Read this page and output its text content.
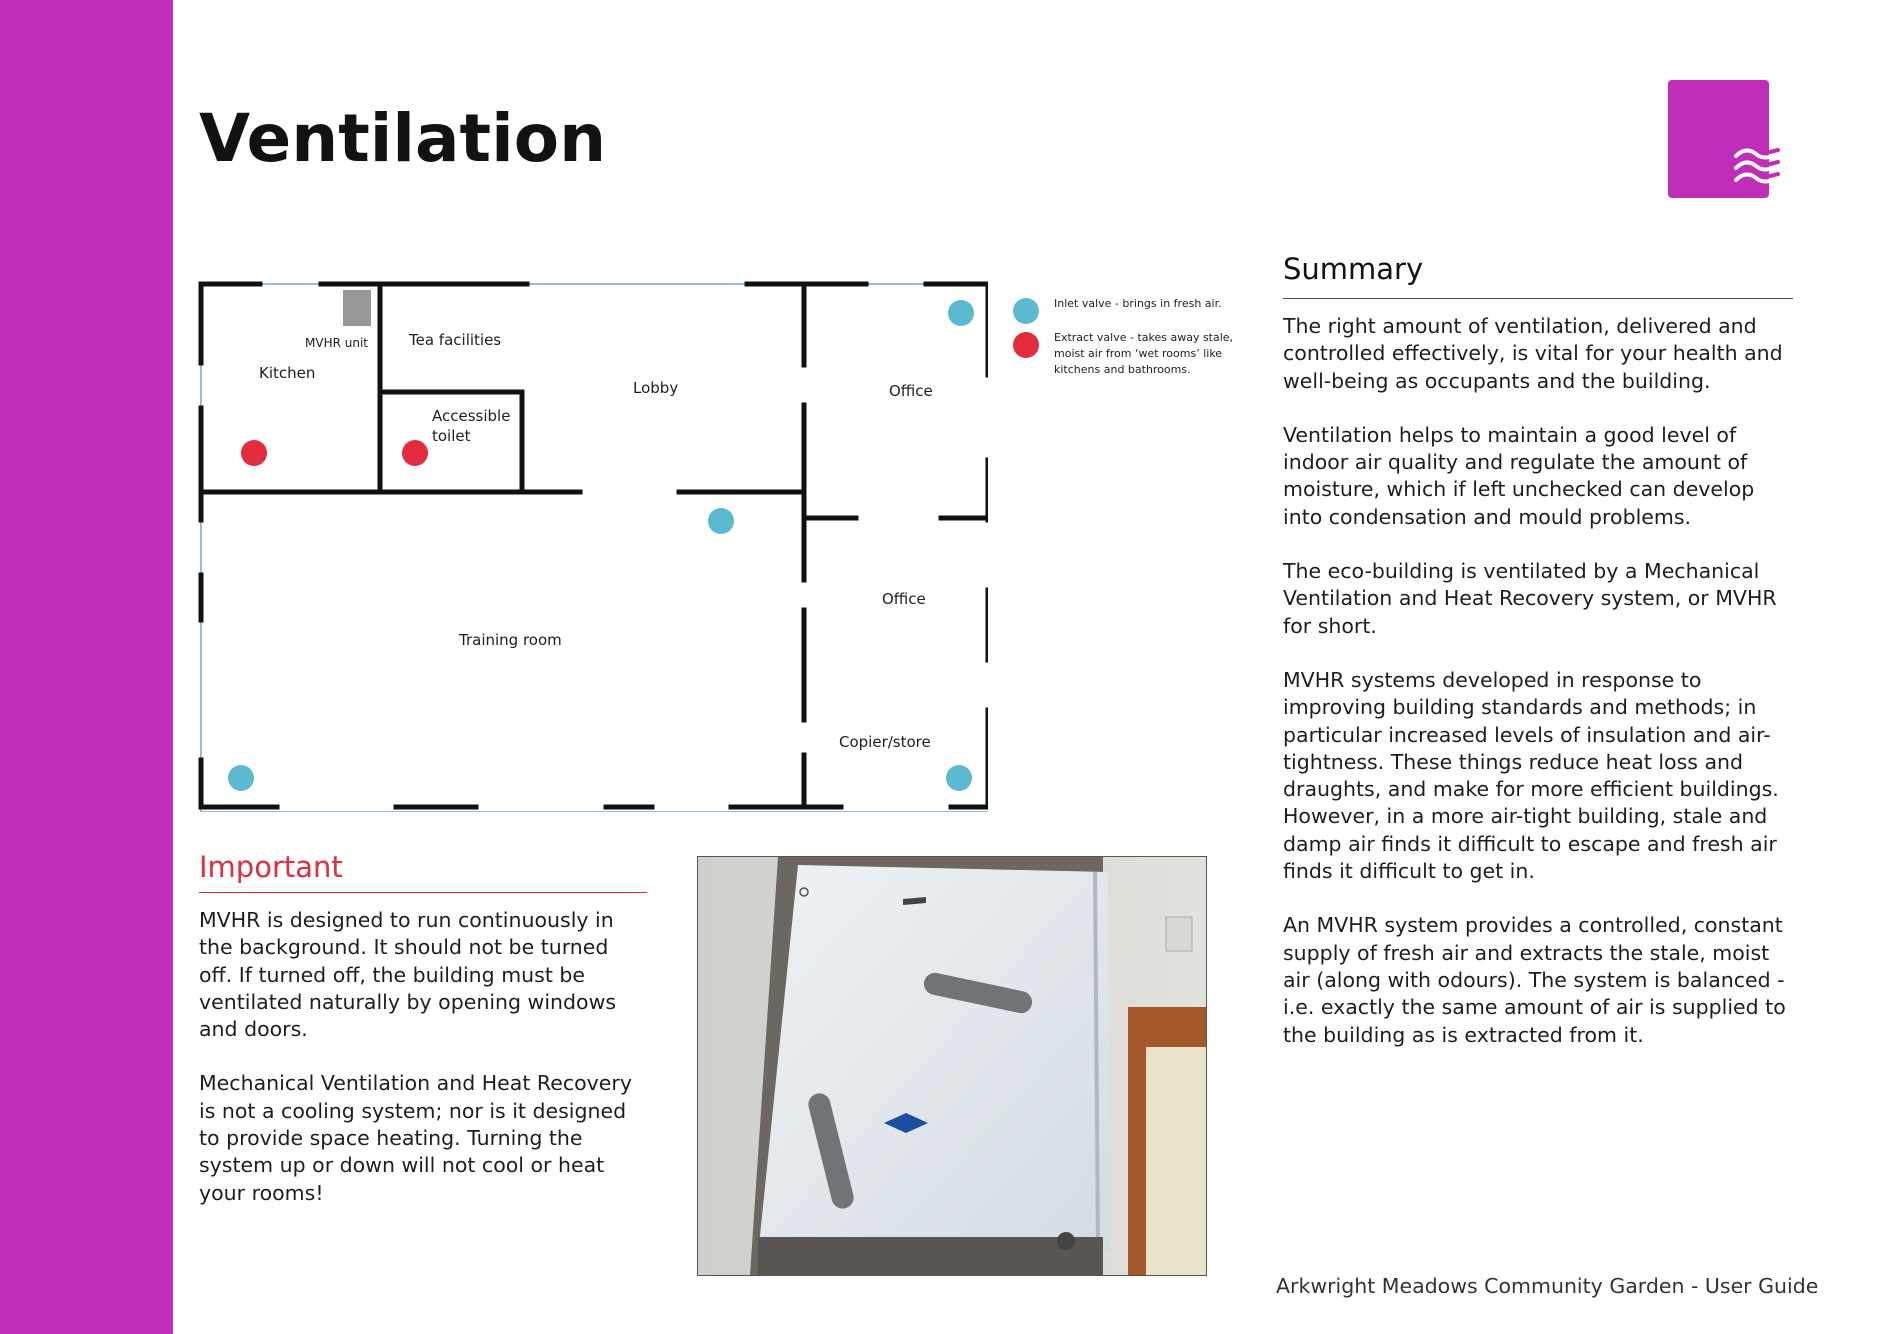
Ventilation
MVHR unit
Kitchen
Tea facilities
Accessible
toilet
Lobby	Office
Office
Training room
Copier/store
Inlet valve - brings in fresh air.
Extract valve - takes away stale, moist air from ‘wet rooms’ like kitchens and bathrooms.
Summary

The right amount of ventilation, delivered and controlled effectively, is vital for your health and well-being as occupants and the building.

Ventilation helps to maintain a good level of indoor air quality and regulate the amount of moisture, which if left unchecked can develop into condensation and mould problems.

The eco-building is ventilated by a Mechanical Ventilation and Heat Recovery system, or MVHR for short.

MVHR systems developed in response to improving building standards and methods; in particular increased levels of insulation and air-tightness. These things reduce heat loss and draughts, and make for more efficient buildings. However, in a more air-tight building, stale and damp air finds it difficult to escape and fresh air finds it difficult to get in.

An MVHR system provides a controlled, constant supply of fresh air and extracts the stale, moist air (along with odours). The system is balanced - i.e. exactly the same amount of air is supplied to the building as is extracted from it.

Important

MVHR is designed to run continuously in the background. It should not be turned off. If turned off, the building must be ventilated naturally by opening windows and doors.

Mechanical Ventilation and Heat Recovery is not a cooling system; nor is it designed to provide space heating. Turning the system up or down will not cool or heat your rooms!

Arkwright Meadows Community Garden - User Guide
